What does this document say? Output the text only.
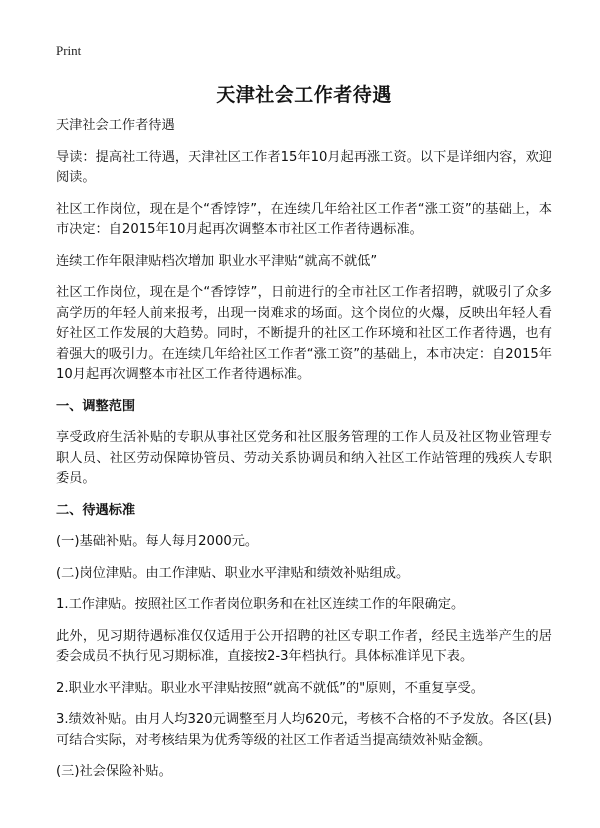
Print
天津社会工作者待遇

天津社会工作者待遇

导读：提高社工待遇，天津社区工作者15年10月起再涨工资。以下是详细内容，欢迎阅读。

社区工作岗位，现在是个“香饽饽”，在连续几年给社区工作者“涨工资”的基础上，本市决定：自2015年10月起再次调整本市社区工作者待遇标准。

连续工作年限津贴档次增加 职业水平津贴“就高不就低”

社区工作岗位，现在是个“香饽饽”，日前进行的全市社区工作者招聘，就吸引了众多高学历的年轻人前来报考，出现一岗难求的场面。这个岗位的火爆，反映出年轻人看好社区工作发展的大趋势。同时，不断提升的社区工作环境和社区工作者待遇，也有着强大的吸引力。在连续几年给社区工作者“涨工资”的基础上，本市决定：自2015年10月起再次调整本市社区工作者待遇标准。

一、调整范围

享受政府生活补贴的专职从事社区党务和社区服务管理的工作人员及社区物业管理专职人员、社区劳动保障协管员、劳动关系协调员和纳入社区工作站管理的残疾人专职委员。

二、待遇标准

(一)基础补贴。每人每月2000元。

(二)岗位津贴。由工作津贴、职业水平津贴和绩效补贴组成。

1.工作津贴。按照社区工作者岗位职务和在社区连续工作的年限确定。

此外，见习期待遇标准仅仅适用于公开招聘的社区专职工作者，经民主选举产生的居委会成员不执行见习期标准，直接按2-3年档执行。具体标准详见下表。

2.职业水平津贴。职业水平津贴按照“就高不就低”的"原则，不重复享受。

3.绩效补贴。由月人均320元调整至月人均620元，考核不合格的不予发放。各区(县)可结合实际，对考核结果为优秀等级的社区工作者适当提高绩效补贴金额。

(三)社会保险补贴。
